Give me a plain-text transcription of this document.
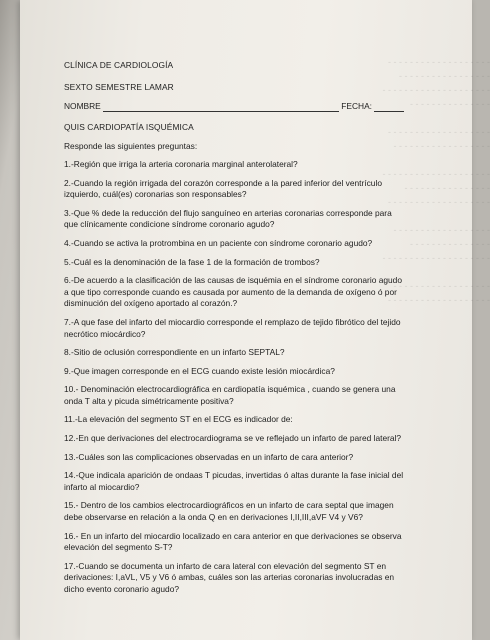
- - - - - - - - - - - - - - - - - - -
- - - - - - - - - - - - - - - - -
- - - - - - - - - - - - - - - - - - - -
- - - - - - - - - - - - - - -

- - - - - - - - - - - - - - - - - - -
- - - - - - - - - - - - - - - - - -

- - - - - - - - - - - - - - - - - - - -
- - - - - - - - - - - - - - - -
- - - - - - - - - - - - - - - - - - -

- - - - - - - - - - - - - - - - - -
- - - - - - - - - - - - - - -
- - - - - - - - - - - - - - - - - - - -

- - - - - - - - - - - - - - - - - -
- - - - - - - - - - - - - - - - - - -

CLÍNICA DE CARDIOLOGÍA

SEXTO SEMESTRE LAMAR

NOMBRE	FECHA:

QUIS CARDIOPATÍA ISQUÉMICA

Responde las siguientes preguntas:

1.-Región que irriga la arteria coronaria marginal anterolateral?
2.-Cuando la región irrigada del corazón corresponde a la pared inferior del ventrículo izquierdo, cuál(es) coronarias son responsables?
3.-Que % dede la reducción del flujo sanguíneo en arterias coronarias corresponde para que clínicamente condicione síndrome coronario agudo?
4.-Cuando se activa la protrombina en un paciente con síndrome coronario agudo?
5.-Cuál es la denominación de la fase 1 de la formación de trombos?
6.-De acuerdo a la clasificación de las causas de isquémia en el síndrome coronario agudo a que tipo corresponde cuando es causada por aumento de la demanda de oxígeno ó por disminución del oxígeno aportado al corazón.?
7.-A que fase del infarto del miocardio corresponde el remplazo de tejido fibrótico del tejido necrótico miocárdico?
8.-Sitio de oclusión correspondiente en un infarto SEPTAL?
9.-Que imagen corresponde en el ECG cuando existe lesión miocárdica?
10.- Denominación electrocardiográfica en cardiopatía isquémica , cuando se genera una onda T alta y picuda simétricamente positiva?
11.-La elevación del segmento ST en el ECG es indicador de:
12.-En que derivaciones del electrocardiograma se ve reflejado un infarto de pared lateral?
13.-Cuáles son las complicaciones observadas en un infarto de cara anterior?
14.-Que indicala aparición de ondaas T picudas, invertidas ó altas durante la fase inicial del infarto al miocardio?
15.- Dentro de los cambios electrocardiográficos en un infarto de cara septal que imagen debe observarse en relación a la onda Q en en derivaciones I,II,III,aVF V4 y V6?
16.- En un infarto del miocardio localizado en cara anterior en que derivaciones se observa elevación del segmento S-T?
17.-Cuando se documenta un infarto de cara lateral con elevación del segmento ST en derivaciones: I,aVL, V5 y V6 ó ambas, cuáles son las arterias coronarias involucradas en dicho evento coronario agudo?
